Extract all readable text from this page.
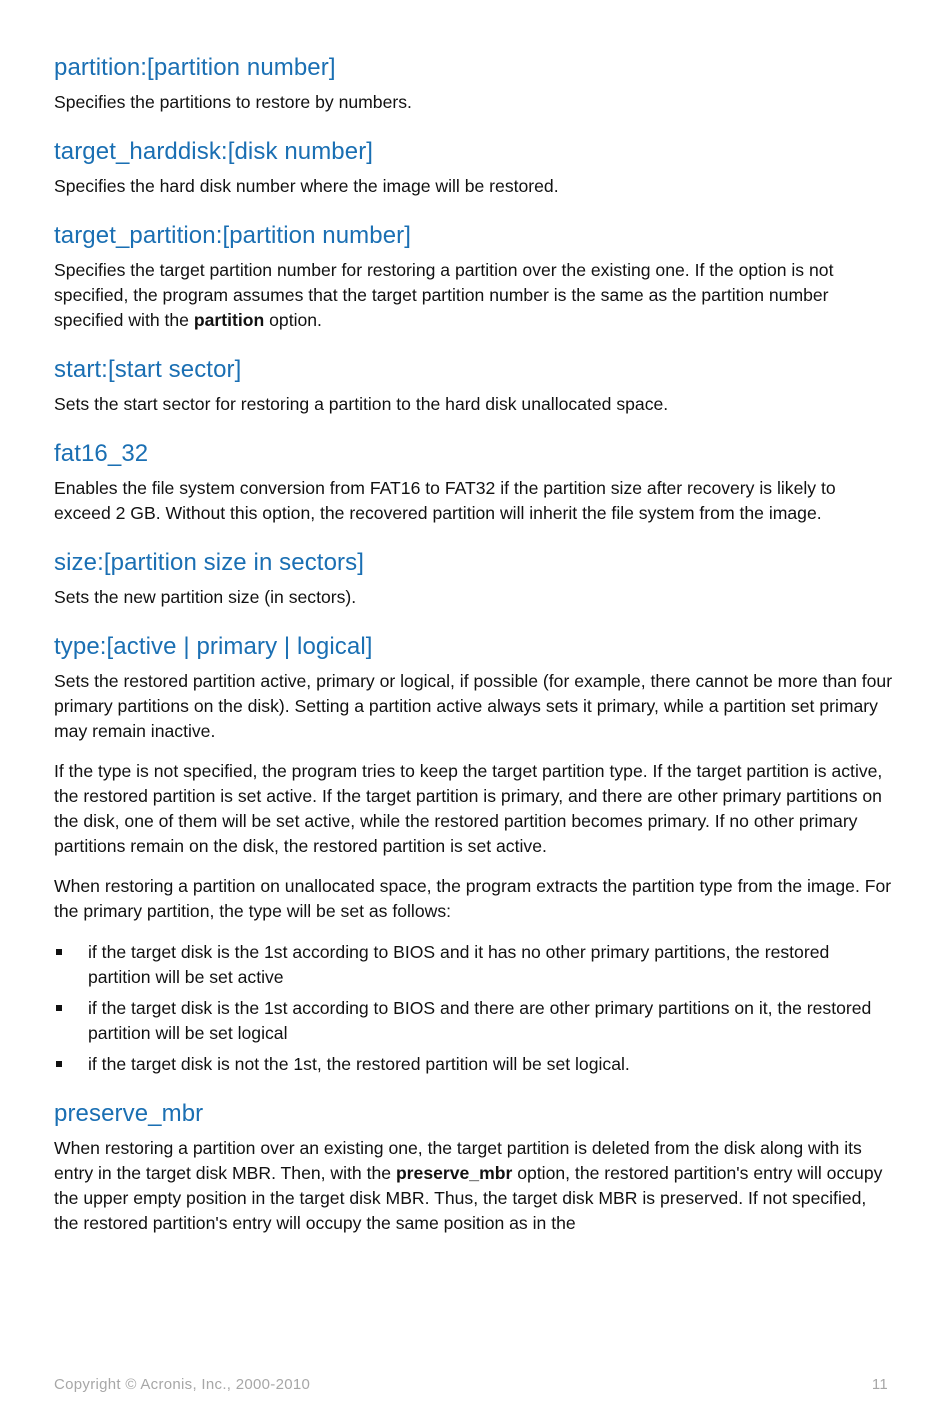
partition:[partition number]

Specifies the partitions to restore by numbers.

target_harddisk:[disk number]

Specifies the hard disk number where the image will be restored.

target_partition:[partition number]

Specifies the target partition number for restoring a partition over the existing one. If the option is not specified, the program assumes that the target partition number is the same as the partition number specified with the partition option.

start:[start sector]

Sets the start sector for restoring a partition to the hard disk unallocated space.

fat16_32

Enables the file system conversion from FAT16 to FAT32 if the partition size after recovery is likely to exceed 2 GB. Without this option, the recovered partition will inherit the file system from the image.

size:[partition size in sectors]

Sets the new partition size (in sectors).

type:[active | primary | logical]

Sets the restored partition active, primary or logical, if possible (for example, there cannot be more than four primary partitions on the disk). Setting a partition active always sets it primary, while a partition set primary may remain inactive.

If the type is not specified, the program tries to keep the target partition type. If the target partition is active, the restored partition is set active. If the target partition is primary, and there are other primary partitions on the disk, one of them will be set active, while the restored partition becomes primary. If no other primary partitions remain on the disk, the restored partition is set active.

When restoring a partition on unallocated space, the program extracts the partition type from the image. For the primary partition, the type will be set as follows:

if the target disk is the 1st according to BIOS and it has no other primary partitions, the restored partition will be set active
if the target disk is the 1st according to BIOS and there are other primary partitions on it, the restored partition will be set logical
if the target disk is not the 1st, the restored partition will be set logical.
preserve_mbr

When restoring a partition over an existing one, the target partition is deleted from the disk along with its entry in the target disk MBR. Then, with the preserve_mbr option, the restored partition's entry will occupy the upper empty position in the target disk MBR. Thus, the target disk MBR is preserved. If not specified, the restored partition's entry will occupy the same position as in the

Copyright © Acronis, Inc., 2000-2010	11
